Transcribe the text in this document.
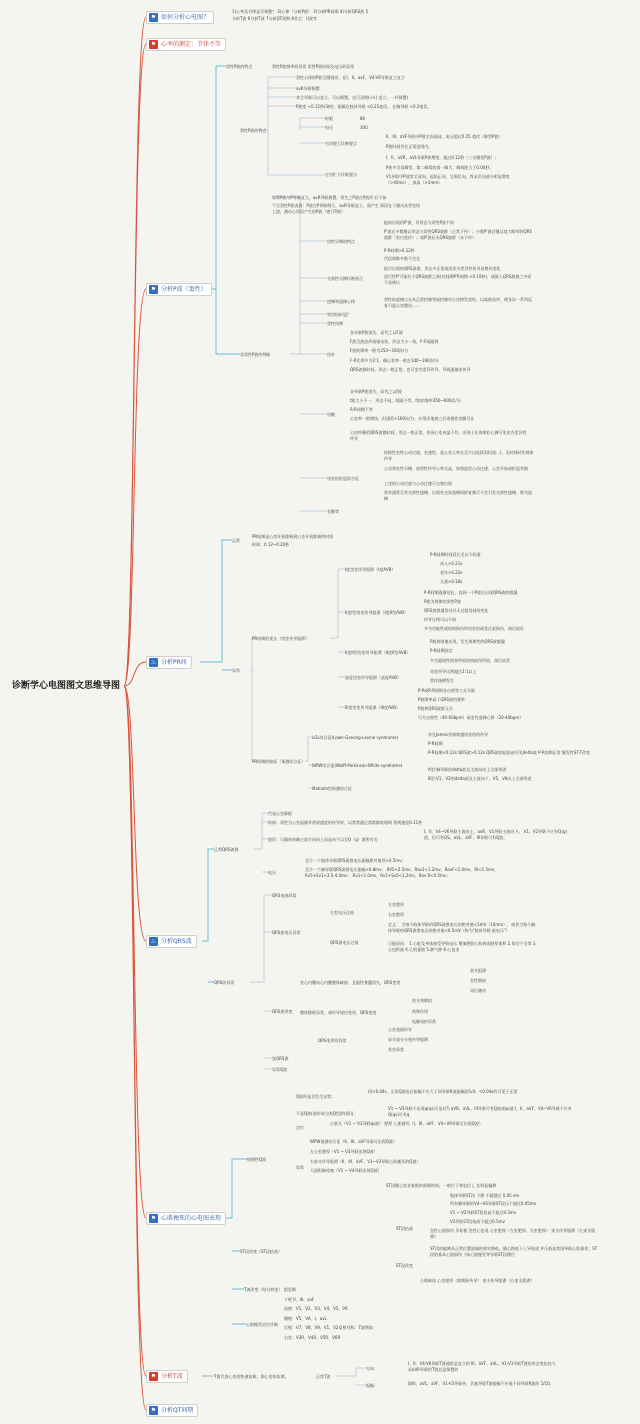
诊断学心电图图文思维导图
⚑ 如何分析心电图？
⚑ 心率的测定：节律不等
⚑ 分析P波（窦性）
♨ 分析PR间
♨ 分析QRS波
⚑ 心肌梗死的心电图表现
⚑ 分析T波
⚑ 分析QT间期
1)心率及节律是否规整？ 2)心律（分析P波） 3)分析PR间期 4)分析QRS波 5
分析T波 6分析T波 7分析QT间期 8其它：U波等
窦性P波的特点	窦性P波频率的异常 窦性P波时间及电压的异常
窦性心律的P波呈圆钝形，在I、II、avF、V4-V6导联直立直立
avR导联倒置
其它导联可以直立，可以倒置，也可双相(-/+) 直立，一并倒置)
P波宽 <0.12秒(3格)，振幅在肢体导联 <0.25毫伏。 在胸导联 <0.2毫伏。
窦性P波的特点
时限	80
电压	300
右房肥大诊断要点
II、III、aVF导联中P波尖而高耸，电压超过0.25 毫伏（肺型P波）
P波时间仍在正常范围内。
左房扩大诊断要点
I、II、aVR、aVL导联P波增宽，超过0.12秒（三尖瓣型P波）；
P波多呈双峰型，第二峰常较第一峰大，峰间距大于0.04秒；
V1导联中P波常呈双向，起始正向，呈倒负向，终末负向部分明显增宽（>40ms），加深（>1mm）
非窦性P波的判断
异常P波与P导联直立，avR导联倒置，窦生之P波在P波形 后不知
不呈窦性P波表现：P波在P导联倒立，avR导联直立，面产生 原因在于激动从窦室结上游，激动心房而产生的P波（逆行P波）
房性早搏的特点
提前出现的P'波，其形态与窦性P波不同
P'波后多数继以形态与窦性QRS波群（正常下传）；少数P'波后继以宽大畸形的QRS波群（室内差传）；或P'波后无QRS波群（未下传）
P-R间期>0.12秒
代偿间歇多数不完全
交界性早搏诊断要点
提早出现的QRS波群，形态多正常或因室内差异性传导而稍有变化
逆行性P'可能位于QRS波群之前(其间期P'R间期 <0.10秒)，或嵌入QRS波群之中而不易辨认
逆搏和逸搏心律	窦性的起搏点在从正常控制等候控制对心房律发放时，以高低依序，使各次一系列反复引起心房激动……
窦房结折返？
窦性停搏
房扑
各导联P波消失，而代之以F波
F波呈波浪形或锯齿状，形态大小一致，F-F间隔规
F波的频率一般为250~350次/分
F-R比例多为2:1，偶心室率一般在140~160次/分
QRS波群时间、形态一般正常，也可室内差异传导，导致逐渐室传导
房颤
各导联P波消失，而代之以f波
f波大小不一，形态不同，间隔不等，f波的频率350~600次/分
R-R间期不等
心室率一般增快，但通常<160次/分，应用洋地黄之后或慢性房颤可在
心房纤颤的QRS波群时间，形态一般正常，但因心室充盈不均，出现于长周期后心搏可见室内差异性传导
房室结折返综合征
持续性室性心动过速，室速性，是心室心率在至少以连续3次(或...)，无时间时作规律传导
心房和室性早搏，如窦性传导心率太高，如将造型心动过速，心室开始或折返旁路
上述的心动过速与心动过速可交替出现
常有通常呈有交界性逸搏，出现室交界逸搏同样复频可不会引发交界性逸搏，称为逸搏
室颤等
正常
PR间期是心房开始除极到心室开始除极的时间
时间：0.12~0.20秒
异常
PR间期的延长（房室传导阻滞）
I度房室传导阻滞（I度AVB）
P-R间期时间延长至以下标准：
成人>0.21s
老年>0.22s
儿童>0.18s
II度I型房室传导阻滞（I度II型AVB）
P-R间期逐渐延长，直到一个P波后出现QRS波的脱漏
P波为规律的窦性P波
QRS波群通常具并无过组房间的变化
传导比例可以不同
多为功能性或结构损伤所房室结或希氏束损伤，预后较好
II度II型房室传导阻滞（II度II型AVB）
P波规则地出现，发生周期性的QRS波脱漏
P-R间期固定
多为器质性损害所致结构损伤所致，预后较差
高度房室传导阻滞（高度AVB）
房室传导比例超过2:1以上
常伴逸搏发生
III度房室传导阻滞（III度AVB）
P-P或R-R间期各自相等与无关联
P波频率高于QRS波的频率
P波和QRS波群无关
可为交界性（40-60bpm）或室性逸搏心律（20-40bpm）
PR间期的缩短（预激综合征）
LGL综合征(Lown-Ganong-Levine syndrome)
存在James旁路跨越房室结的传导
P-R间期
WPW综合征(Wolff-Parkinson-White syndrome)
P-R间期<0.12s QRS波>0.12s QRS波的起始部可见delta波 P-R间期正常 继发性ST-T改变
A型:胸导联的delta波及主波向向上全部带进
B型:V1、V2的delta波及主波向下，V5、V6向上全部带进
Mahaim型预激综合征
正常QRS波群
代表心室除极
时间：窦性为心室起源并常规速度的传导时，以常普通正常群除收缩期 常规速度0.11秒
波形：可确单的胸主波方向向上而是向下以至Q（q）波所有关
I、II、V4~V6导联主波向上，avR、V1导联主波向下。 V1、V2导联不应有Q(q)波，但可有QS。aVL、aVF、III导联可有Q波。
电压
至少一个肢体导联QRS波群电压振幅绝对值须>0.5mv；
至少一个胸导联QRS波群电压振幅>0.8mv； RV5<2.5mv，Rav1<1.2mv，RavF<2.0mv，RI<1.5mv，Rv5+Sv1<3.5-4.0mv； Rv1<1.0mv，Rv1+Sv5<1.2mv，Rav R<0.5mv；
QRS的异常
QRS电轴异常
QRS波电压异常
左室电压过高
左室肥厚
右室肥厚
QRS波电压过低
定义： 当每个肢体导联的QRS波群电压的绝对值<1mV（10mm），或者当每个胸体导联的QRS波群电压的绝对值<0.5mV（称为"肢体导联 低电压"）
可能原因： 1.心脏及身体接受导致电压 增加肥胖心肌病或肥厚体积 2.肾功不全等 3.心包积液 4.心肌萎缩 5.肺气肿 6.心包炎
室心内膜向心内膜整体缺损，且能性脊髓消失，QRS变宽
束支阻滞
室性期前
异位激动
QRS波形变 整体除极异常，或传导途径变更，QRS变宽
束支和肺段
药物作用
电解质的异常
QRS变形的异常
心室表面传导
束支或分支变传导阻滞
室室异常
宽QRS波
异常Q波
病理性Q波
Q波所是否发生异常：
(I)<0.04s，正常Q波电压振幅不应大于同导联R波振幅的1/4；<0.04s的可见于正常
不是Q波(或形成为类Q型)的原因：
V1 ~ V3导联不出现q(qs)可是r(?) aVR、aVL、III导联可有Q波或qs波 I、II、aVF、V4~V6导联不应有Q(qs)可有q
定位：
心肌无（V1 ~ V3导联qs波） 肥厚 心肌梗死（I、III、aVF、V4~V6导联可出现Q波）
异常
WPW预激综合征（II、III、aVF导联可出现Q波）
左心室肥厚（V1 ~ V3导联出现Q波）
右束支传导阻滞（II、III、aVF、V1~V3导联心肌梗死的Q波）
大面积肺栓塞（V1 ~ V4导联出现Q波）
ST段改变（ST段抬高）
ST段抬高
ST段改变
ST段随心室非复极的前期时间，一般位于等电位上 在明显偏移
肢体导联ST段 下移 不超越过 0.05 mv
所有胸导联的V4~V6导联ST段压不超过0.05mv
V1 ~ V2导联ST段抬高不超过0.3mv
V3导联ST段抬高不超过0.5mv
急性心肌损伤 早复极 急性心包炎 心室肥厚（左室肥厚，右室肥厚） 束支传导阻滞（左束支阻滞）
ST段的偏离从正常位置部减的相对降低，随心跨低下上导致或 并压低连续图导联心肌损伤；ST段的基本心肌损伤（如心肌梗死等导联ST段移位
心肌缺血 心室肥厚（如期前传导） 束支传导阻滞（右束支阻滞）
T波改变（结合病史） 超急期
心肌梗死定位诊断
下壁 II、III、avF
前壁：V1、V2、V3、V4、V5、V6
侧壁：V5、V6、I、avL
后壁：V7、V8、V9、V1、V2反相对称：T波增高
右室：V3R、V4R、V5R、V6R
T波代表心室的快速复极，即心室恢复期。	正常T波
方向：
振幅：
I、II、V4-V6导联T波通常是直立的 III、aVF、aVL、V1-V3导联T波的形态变化较大 而aVR导联的T波总是倒置的
除III、aVL、aVF、V1-V3导联外，其他导联T波振幅不应低于同导联R波的 1/10；
